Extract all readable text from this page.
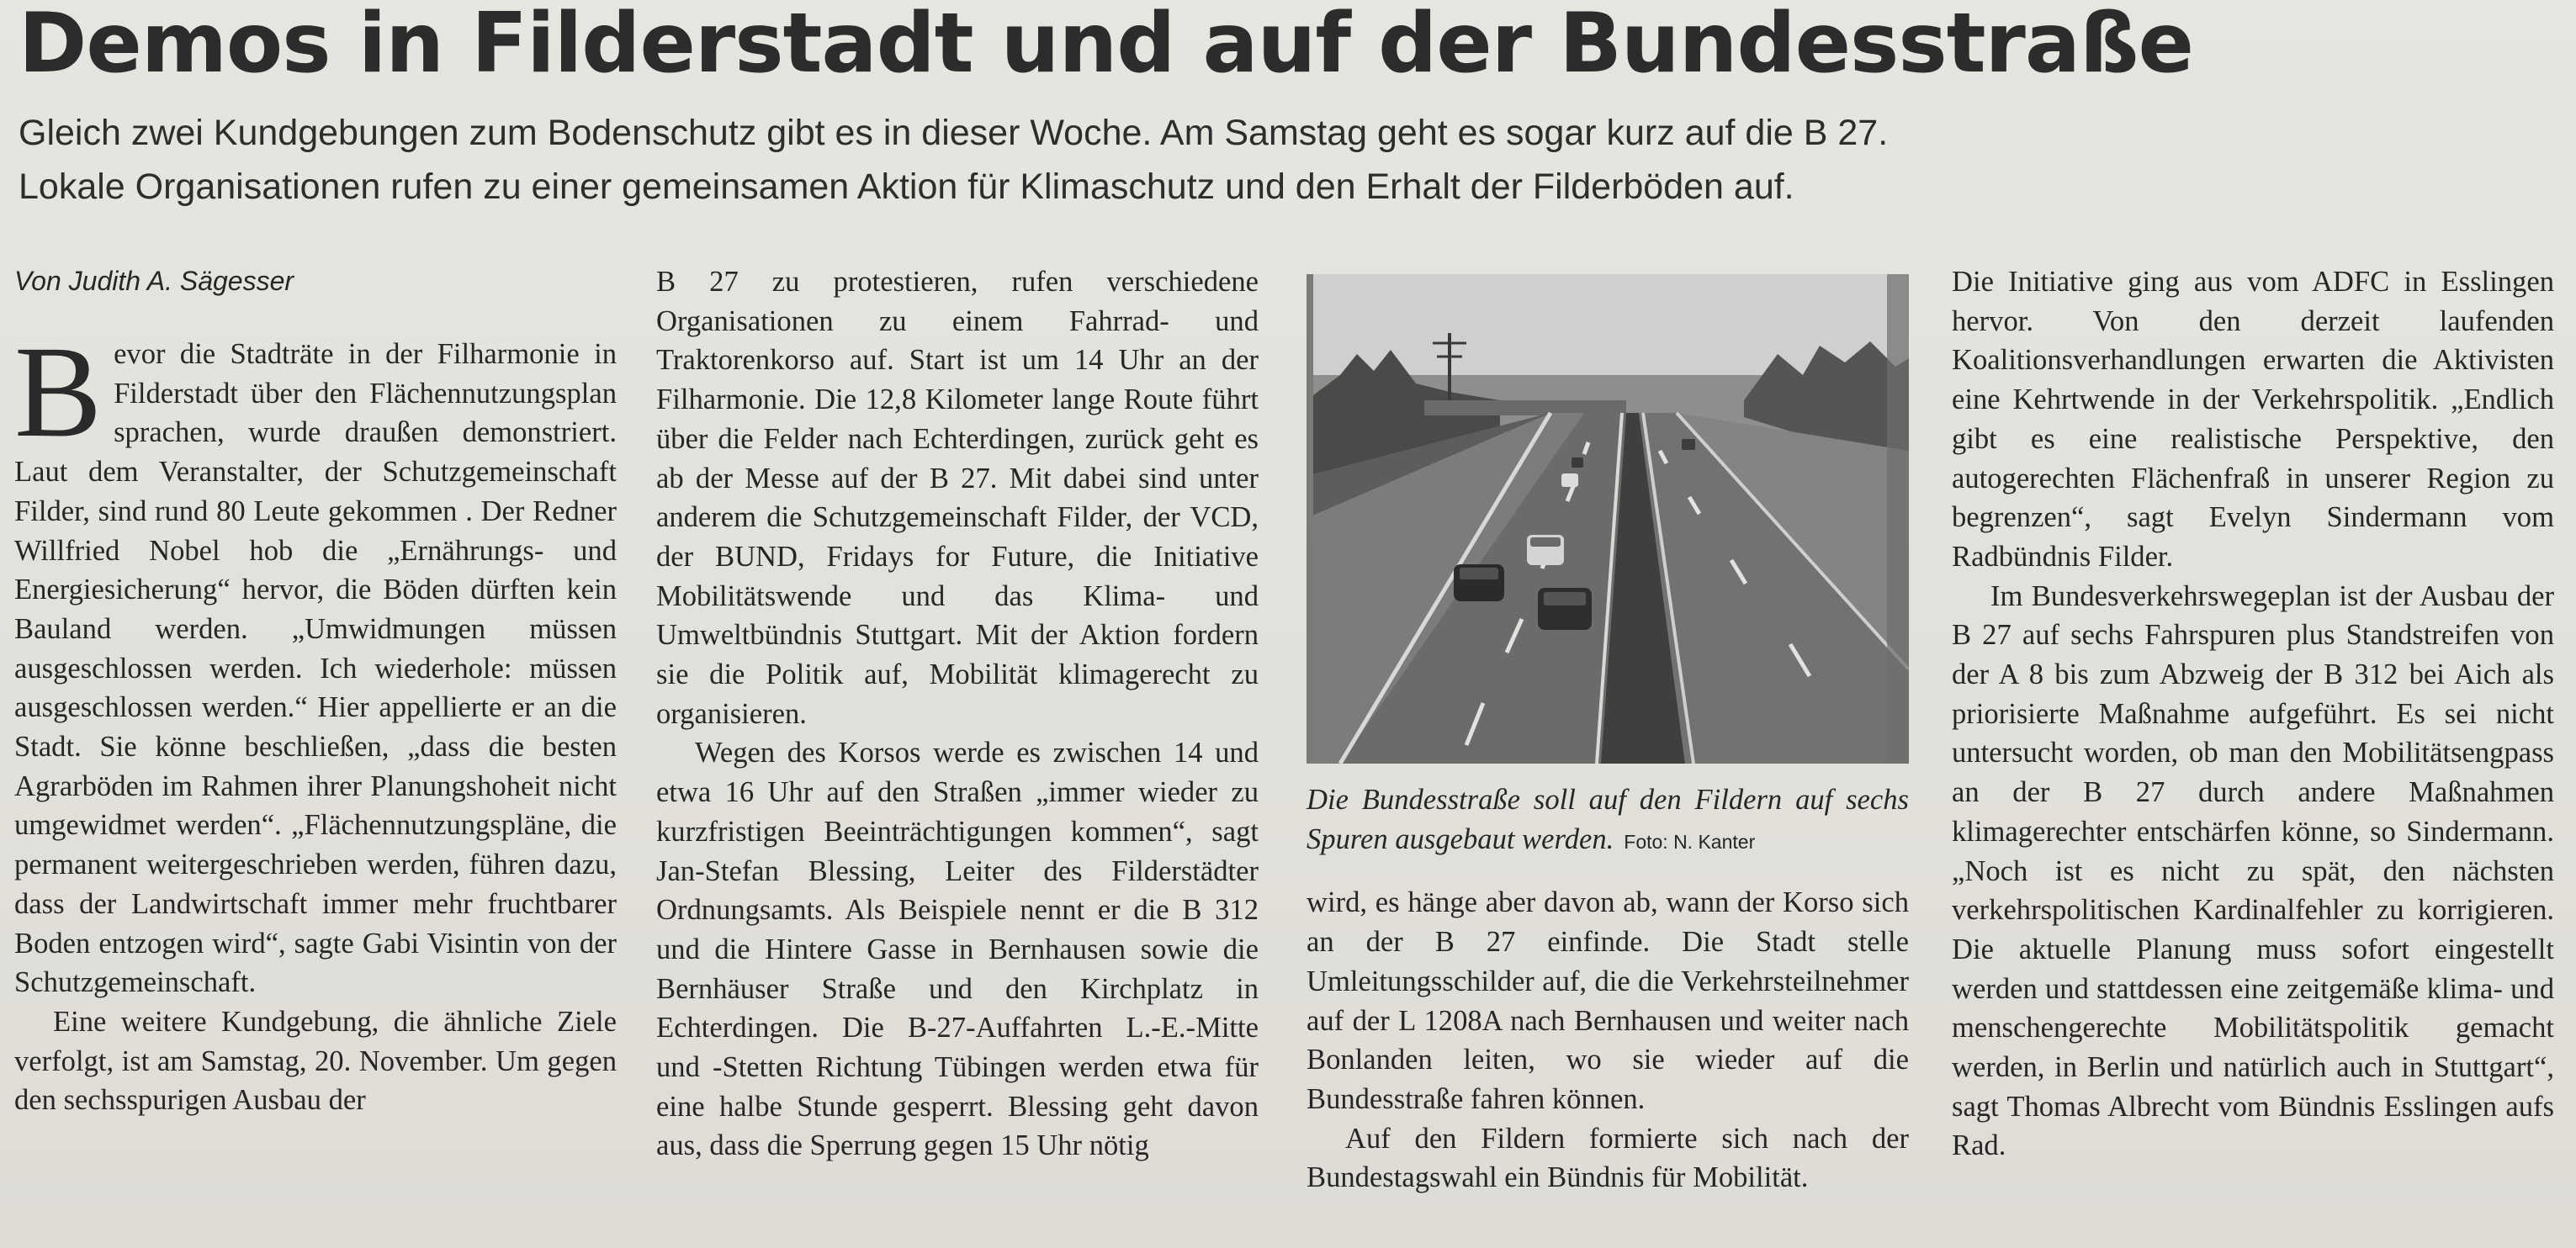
Demos in Filderstadt und auf der Bundesstraße
Gleich zwei Kundgebungen zum Bodenschutz gibt es in dieser Woche. Am Samstag geht es sogar kurz auf die B 27.
Lokale Organisationen rufen zu einer gemeinsamen Aktion für Klimaschutz und den Erhalt der Filderböden auf.
Von Judith A. Sägesser

Bevor die Stadträte in der Filharmonie in Filderstadt über den Flächennutzungsplan sprachen, wurde draußen demonstriert. Laut dem Veranstalter, der Schutzgemeinschaft Filder, sind rund 80 Leute gekommen . Der Redner Willfried Nobel hob die „Ernährungs- und Energiesicherung“ hervor, die Böden dürften kein Bauland werden. „Umwidmungen müssen ausgeschlossen werden. Ich wiederhole: müssen ausgeschlossen werden.“ Hier appellierte er an die Stadt. Sie könne beschließen, „dass die besten Agrarböden im Rahmen ihrer Planungshoheit nicht umgewidmet werden“. „Flächennutzungspläne, die permanent weitergeschrieben werden, führen dazu, dass der Landwirtschaft immer mehr fruchtbarer Boden entzogen wird“, sagte Gabi Visintin von der Schutzgemeinschaft.

Eine weitere Kundgebung, die ähnliche Ziele verfolgt, ist am Samstag, 20. November. Um gegen den sechsspurigen Ausbau der

B 27 zu protestieren, rufen verschiedene Organisationen zu einem Fahrrad- und Traktorenkorso auf. Start ist um 14 Uhr an der Filharmonie. Die 12,8 Kilometer lange Route führt über die Felder nach Echterdingen, zurück geht es ab der Messe auf der B 27. Mit dabei sind unter anderem die Schutzgemeinschaft Filder, der VCD, der BUND, Fridays for Future, die Initiative Mobilitätswende und das Klima- und Umweltbündnis Stuttgart. Mit der Aktion fordern sie die Politik auf, Mobilität klimagerecht zu organisieren.

Wegen des Korsos werde es zwischen 14 und etwa 16 Uhr auf den Straßen „immer wieder zu kurzfristigen Beeinträchtigungen kommen“, sagt Jan-Stefan Blessing, Leiter des Filderstädter Ordnungsamts. Als Beispiele nennt er die B 312 und die Hintere Gasse in Bernhausen sowie die Bernhäuser Straße und den Kirchplatz in Echterdingen. Die B-27-Auffahrten L.-E.-Mitte und -Stetten Richtung Tübingen werden etwa für eine halbe Stunde gesperrt. Blessing geht davon aus, dass die Sperrung gegen 15 Uhr nötig

Die Bundesstraße soll auf den Fildern auf sechs Spuren ausgebaut werden. Foto: N. Kanter

wird, es hänge aber davon ab, wann der Korso sich an der B 27 einfinde. Die Stadt stelle Umleitungsschilder auf, die die Verkehrsteilnehmer auf der L 1208A nach Bernhausen und weiter nach Bonlanden leiten, wo sie wieder auf die Bundesstraße fahren können.

Auf den Fildern formierte sich nach der Bundestagswahl ein Bündnis für Mobilität.

Die Initiative ging aus vom ADFC in Esslingen hervor. Von den derzeit laufenden Koalitionsverhandlungen erwarten die Aktivisten eine Kehrtwende in der Verkehrspolitik. „Endlich gibt es eine realistische Perspektive, den autogerechten Flächenfraß in unserer Region zu begrenzen“, sagt Evelyn Sindermann vom Radbündnis Filder.

Im Bundesverkehrswegeplan ist der Ausbau der B 27 auf sechs Fahrspuren plus Standstreifen von der A 8 bis zum Abzweig der B 312 bei Aich als priorisierte Maßnahme aufgeführt. Es sei nicht untersucht worden, ob man den Mobilitätsengpass an der B 27 durch andere Maßnahmen klimagerechter entschärfen könne, so Sindermann. „Noch ist es nicht zu spät, den nächsten verkehrspolitischen Kardinalfehler zu korrigieren. Die aktuelle Planung muss sofort eingestellt werden und stattdessen eine zeitgemäße klima- und menschengerechte Mobilitätspolitik gemacht werden, in Berlin und natürlich auch in Stuttgart“, sagt Thomas Albrecht vom Bündnis Esslingen aufs Rad.
